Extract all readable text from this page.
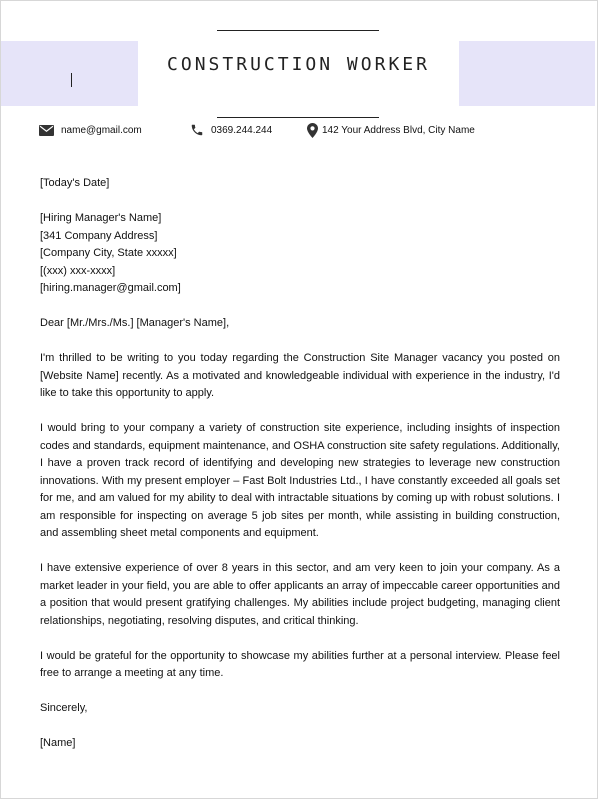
CONSTRUCTION WORKER
name@gmail.com	0369.244.244	142 Your Address Blvd, City Name

[Today's Date]

[Hiring Manager's Name]

[341 Company Address]

[Company City, State xxxxx]

[(xxx) xxx-xxxx]

[hiring.manager@gmail.com]

Dear [Mr./Mrs./Ms.] [Manager's Name],

I'm thrilled to be writing to you today regarding the Construction Site Manager vacancy you posted on [Website Name] recently. As a motivated and knowledgeable individual with experience in the industry, I'd like to take this opportunity to apply.

I would bring to your company a variety of construction site experience, including insights of inspection codes and standards, equipment maintenance, and OSHA construction site safety regulations. Additionally, I have a proven track record of identifying and developing new strategies to leverage new construction innovations. With my present employer – Fast Bolt Industries Ltd., I have constantly exceeded all goals set for me, and am valued for my ability to deal with intractable situations by coming up with robust solutions. I am responsible for inspecting on average 5 job sites per month, while assisting in building construction, and assembling sheet metal components and equipment.

I have extensive experience of over 8 years in this sector, and am very keen to join your company. As a market leader in your field, you are able to offer applicants an array of impeccable career opportunities and a position that would present gratifying challenges. My abilities include project budgeting, managing client relationships, negotiating, resolving disputes, and critical thinking.

I would be grateful for the opportunity to showcase my abilities further at a personal interview. Please feel free to arrange a meeting at any time.

Sincerely,

[Name]
